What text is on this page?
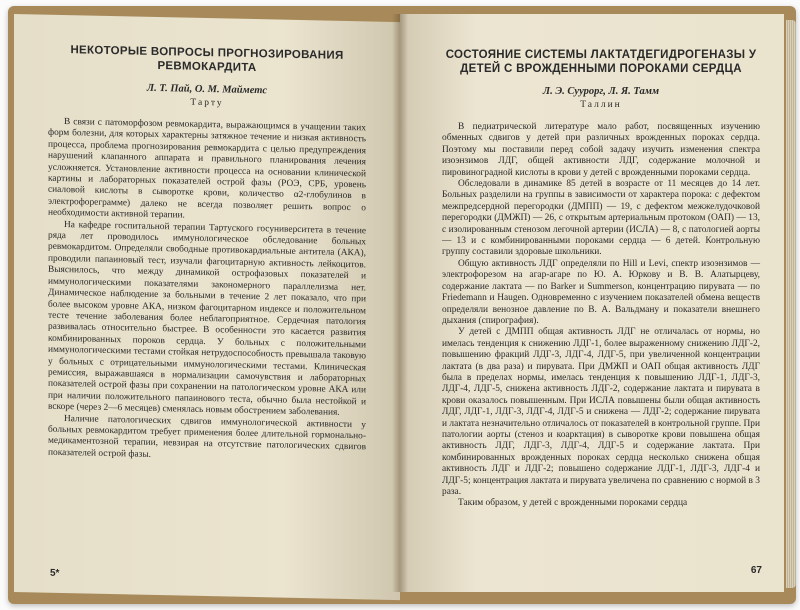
НЕКОТОРЫЕ ВОПРОСЫ ПРОГНОЗИРОВАНИЯ РЕВМОКАРДИТА
Л. Т. Пай, О. М. Майметс
Тарту

В связи с патоморфозом ревмокардита, выражающимся в учащении таких форм болезни, для которых характерны затяжное течение и низкая активность процесса, проблема прогнозирования ревмокардита с целью предупреждения нарушений клапанного аппарата и правильного планирования лечения усложняется. Установление активности процесса на основании клинической картины и лабораторных показателей острой фазы (РОЭ, СРБ, уровень сиаловой кислоты в сыворотке крови, количество α2-глобулинов в электрофореграмме) далеко не всегда позволяет решить вопрос о необходимости активной терапии.

На кафедре госпитальной терапии Тартуского госуниверситета в течение ряда лет проводилось иммунологическое обследование больных ревмокардитом. Определяли свободные противокардиальные антитела (АКА), проводили папаиновый тест, изучали фагоцитарную активность лейкоцитов. Выяснилось, что между динамикой острофазовых показателей и иммунологическими показателями закономерного параллелизма нет. Динамическое наблюдение за больными в течение 2 лет показало, что при более высоком уровне АКА, низком фагоцитарном индексе и положительном тесте течение заболевания более неблагоприятное. Сердечная патология развивалась относительно быстрее. В особенности это касается развития комбинированных пороков сердца. У больных с положительными иммунологическими тестами стойкая нетрудоспособность превышала таковую у больных с отрицательными иммунологическими тестами. Клиническая ремиссия, выражавшаяся в нормализации самочувствия и лабораторных показателей острой фазы при сохранении на патологическом уровне АКА или при наличии положительного папаинового теста, обычно была нестойкой и вскоре (через 2—6 месяцев) сменялась новым обострением заболевания.

Наличие патологических сдвигов иммунологической активности у больных ревмокардитом требует применения более длительной гормонально-медикаментозной терапии, невзирая на отсутствие патологических сдвигов показателей острой фазы.

5*
СОСТОЯНИЕ СИСТЕМЫ ЛАКТАТДЕГИДРОГЕНАЗЫ У ДЕТЕЙ С ВРОЖДЕННЫМИ ПОРОКАМИ СЕРДЦА
Л. Э. Суурорг, Л. Я. Тамм
Таллин

В педиатрической литературе мало работ, посвященных изучению обменных сдвигов у детей при различных врожденных пороках сердца. Поэтому мы поставили перед собой задачу изучить изменения спектра изоэнзимов ЛДГ, общей активности ЛДГ, содержание молочной и пировиноградной кислоты в крови у детей с врожденными пороками сердца.

Обследовали в динамике 85 детей в возрасте от 11 месяцев до 14 лет. Больных разделили на группы в зависимости от характера порока: с дефектом межпредсердной перегородки (ДМПП) — 19, с дефектом межжелудочковой перегородки (ДМЖП) — 26, с открытым артериальным протоком (ОАП) — 13, с изолированным стенозом легочной артерии (ИСЛА) — 8, с патологией аорты — 13 и с комбинированными пороками сердца — 6 детей. Контрольную группу составили здоровые школьники.

Общую активность ЛДГ определяли по Hill и Levi, спектр изоэнзимов — электрофорезом на агар-агаре по Ю. А. Юркову и В. В. Алатырцеву, содержание лактата — по Barker и Summerson, концентрацию пирувата — по Friedemann и Haugen. Одновременно с изучением показателей обмена веществ определяли венозное давление по В. А. Вальдману и показатели внешнего дыхания (спирография).

У детей с ДМПП общая активность ЛДГ не отличалась от нормы, но имелась тенденция к снижению ЛДГ-1, более выраженному снижению ЛДГ-2, повышению фракций ЛДГ-3, ЛДГ-4, ЛДГ-5, при увеличенной концентрации лактата (в два раза) и пирувата. При ДМЖП и ОАП общая активность ЛДГ была в пределах нормы, имелась тенденция к повышению ЛДГ-1, ЛДГ-3, ЛДГ-4, ЛДГ-5, снижена активность ЛДГ-2, содержание лактата и пирувата в крови оказалось повышенным. При ИСЛА повышены были общая активность ЛДГ, ЛДГ-1, ЛДГ-3, ЛДГ-4, ЛДГ-5 и снижена — ЛДГ-2; содержание пирувата и лактата незначительно отличалось от показателей в контрольной группе. При патологии аорты (стеноз и коарктация) в сыворотке крови повышена общая активность ЛДГ, ЛДГ-3, ЛДГ-4, ЛДГ-5 и содержание лактата. При комбинированных врожденных пороках сердца несколько снижена общая активность ЛДГ и ЛДГ-2; повышено содержание ЛДГ-1, ЛДГ-3, ЛДГ-4 и ЛДГ-5; концентрация лактата и пирувата увеличена по сравнению с нормой в 3 раза.

Таким образом, у детей с врожденными пороками сердца

67
